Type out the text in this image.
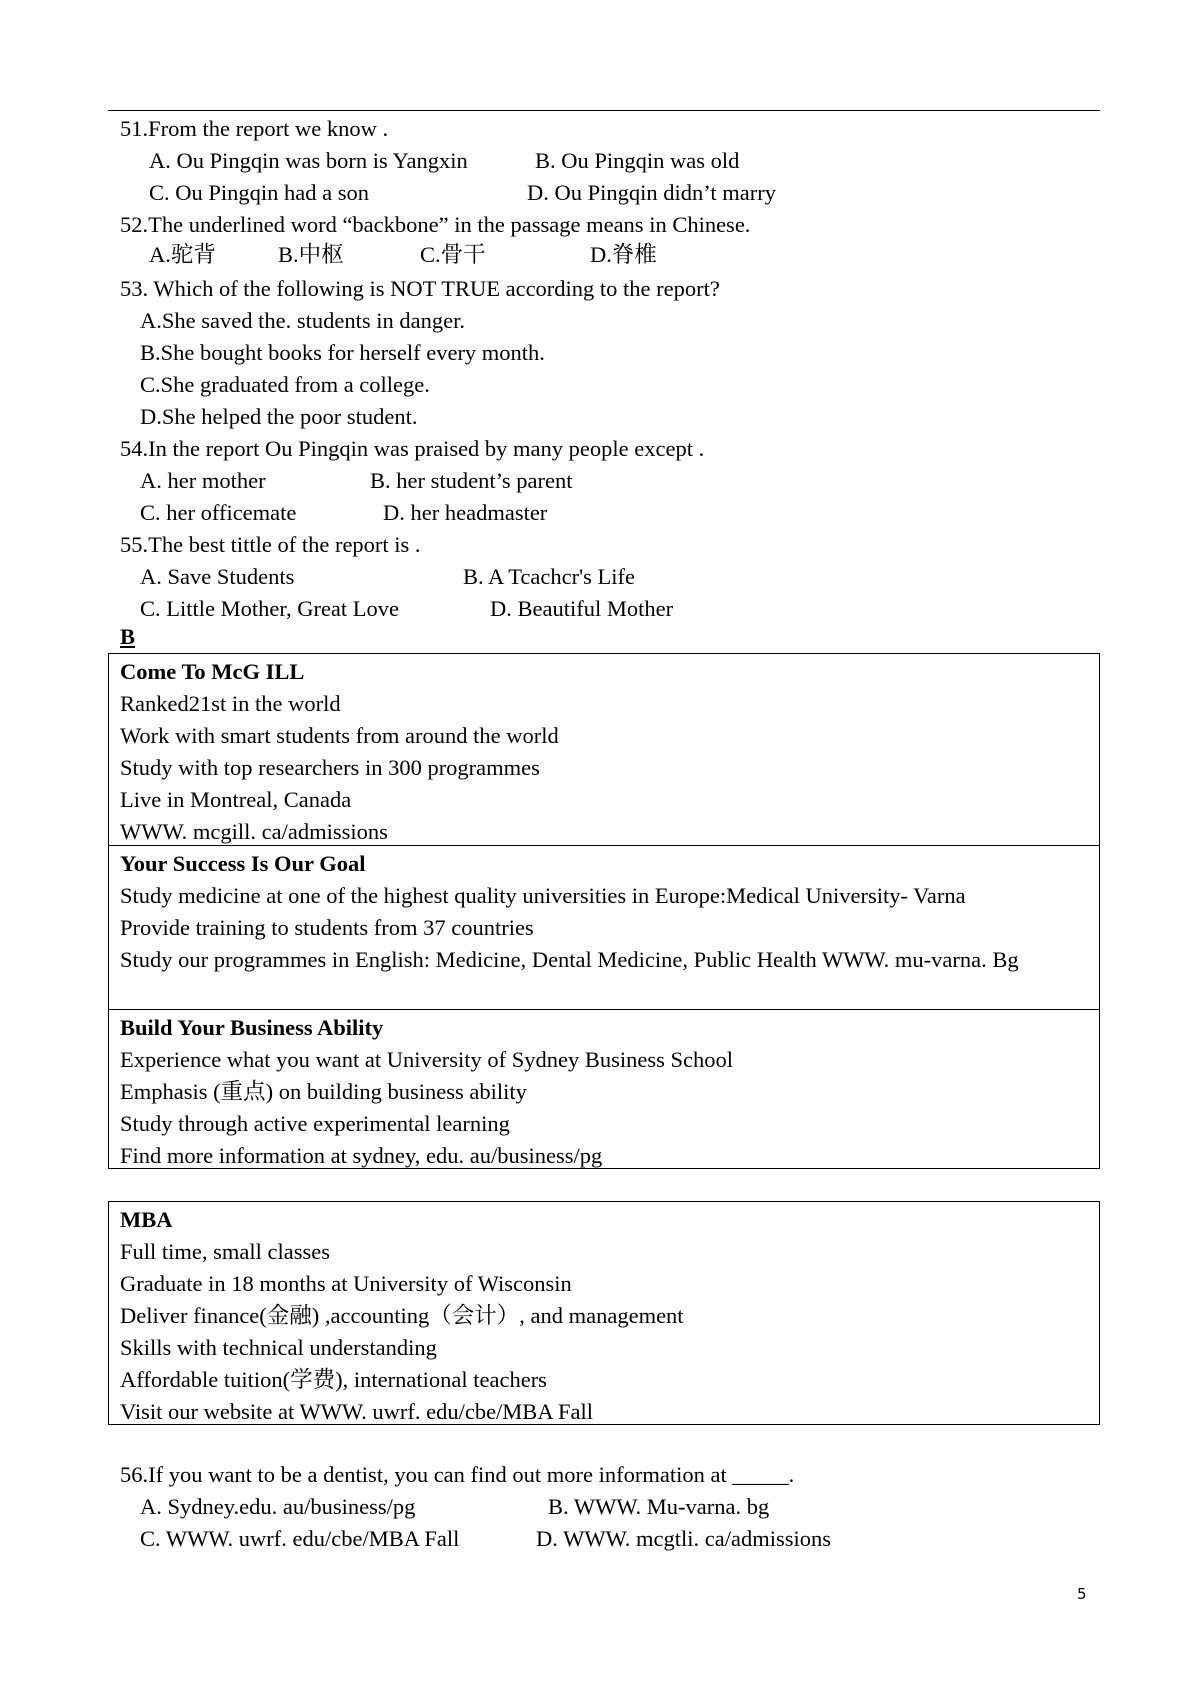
51.From the report we know .
A. Ou Pingqin was born is Yangxin	B. Ou Pingqin was old
C. Ou Pingqin had a son	D. Ou Pingqin didn’t marry
52.The underlined word “backbone” in the passage means in Chinese.
A.驼背	B.中枢	C.骨干	D.脊椎
53. Which of the following is NOT TRUE according to the report?
A.She saved the. students in danger.
B.She bought books for herself every month.
C.She graduated from a college.
D.She helped the poor student.
54.In the report Ou Pingqin was praised by many people except .
A. her mother	B. her student’s parent
C. her officemate	D. her headmaster
55.The best tittle of the report is .
A. Save Students	B. A Tcachcr's Life
C. Little Mother, Great Love	D. Beautiful Mother
B
Come To McG ILL
Ranked21st in the world
Work with smart students from around the world
Study with top researchers in 300 programmes
Live in Montreal, Canada
WWW. mcgill. ca/admissions
Your Success Is Our Goal
Study medicine at one of the highest quality universities in Europe:Medical University- Varna
Provide training to students from 37 countries
Study our programmes in English: Medicine, Dental Medicine, Public Health WWW. mu-varna. Bg
Build Your Business Ability
Experience what you want at University of Sydney Business School
Emphasis (重点) on building business ability
Study through active experimental learning
Find more information at sydney, edu. au/business/pg
MBA
Full time, small classes
Graduate in 18 months at University of Wisconsin
Deliver finance(金融) ,accounting（会计）, and management
Skills with technical understanding
Affordable tuition(学费), international teachers
Visit our website at WWW. uwrf. edu/cbe/MBA Fall
56.If you want to be a dentist, you can find out more information at _____.
A. Sydney.edu. au/business/pg	B. WWW. Mu-varna. bg
C. WWW. uwrf. edu/cbe/MBA Fall	D. WWW. mcgtli. ca/admissions
5
